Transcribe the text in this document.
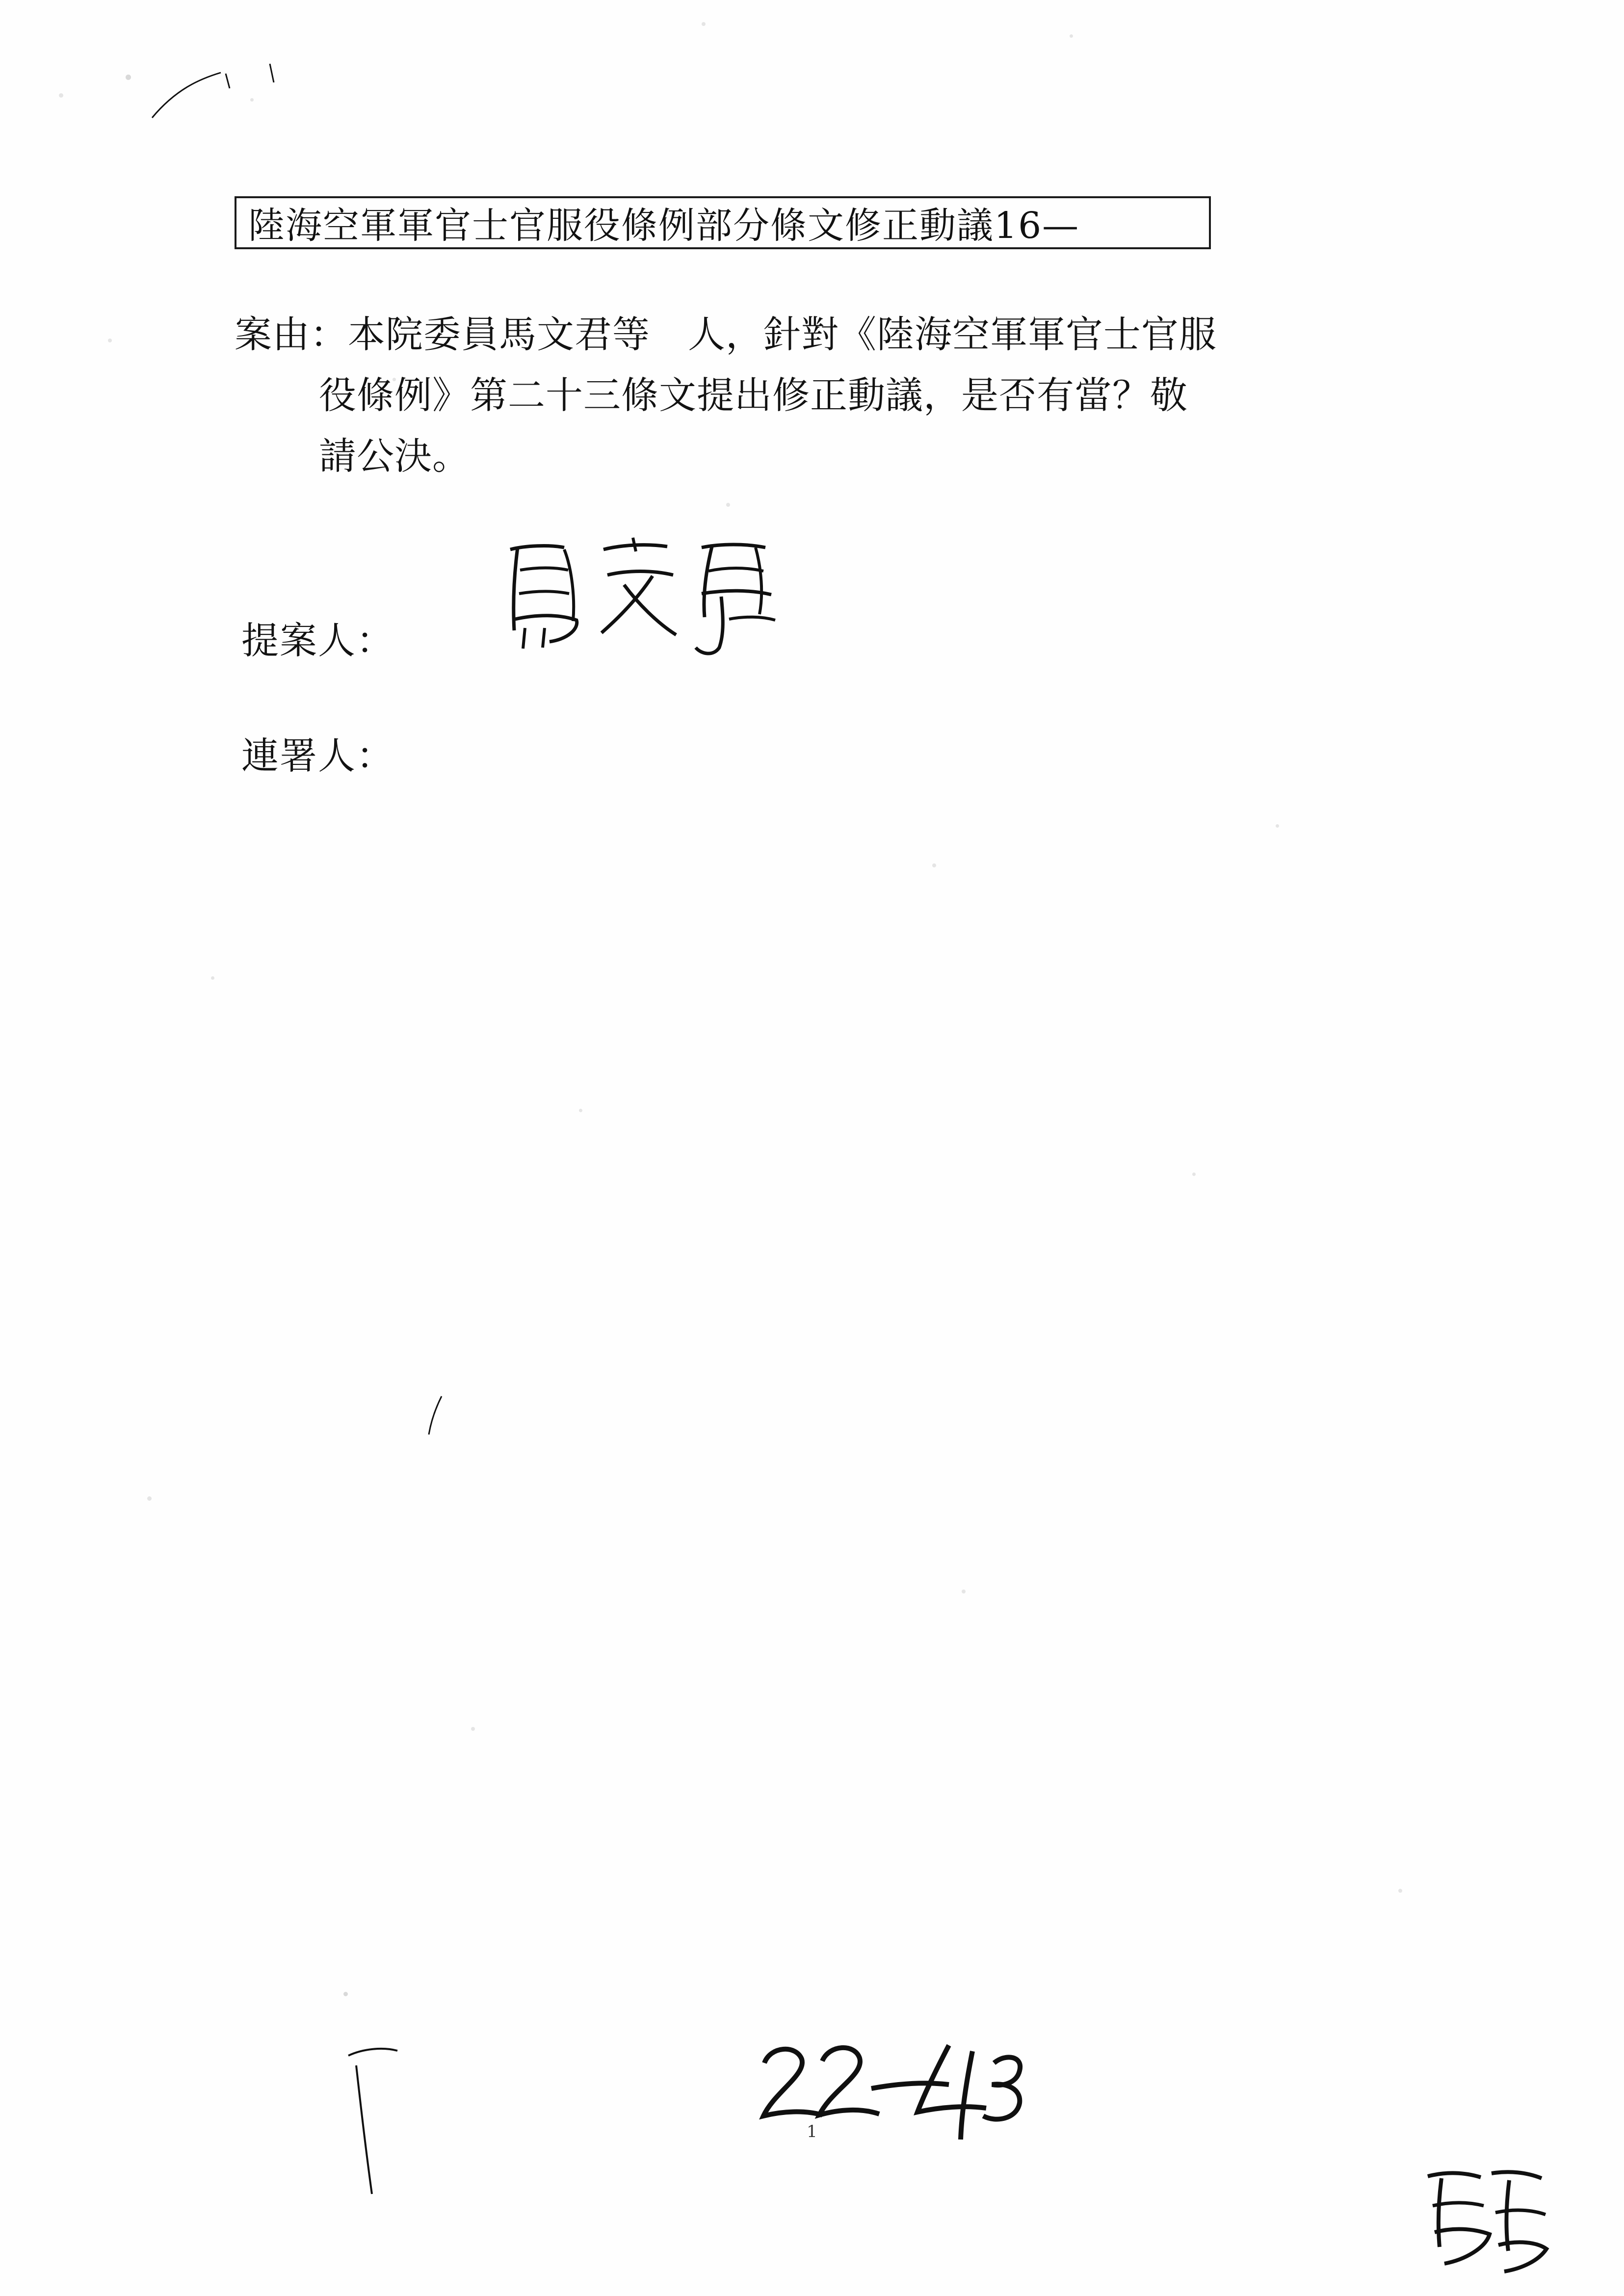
陸海空軍軍官士官服役條例部分條文修正動議16—
案由： 本院委員馬文君等　人，針對《陸海空軍軍官士官服
役條例》第二十三條文提出修正動議，是否有當？敬
請公決。
提案人：
連署人：
1
